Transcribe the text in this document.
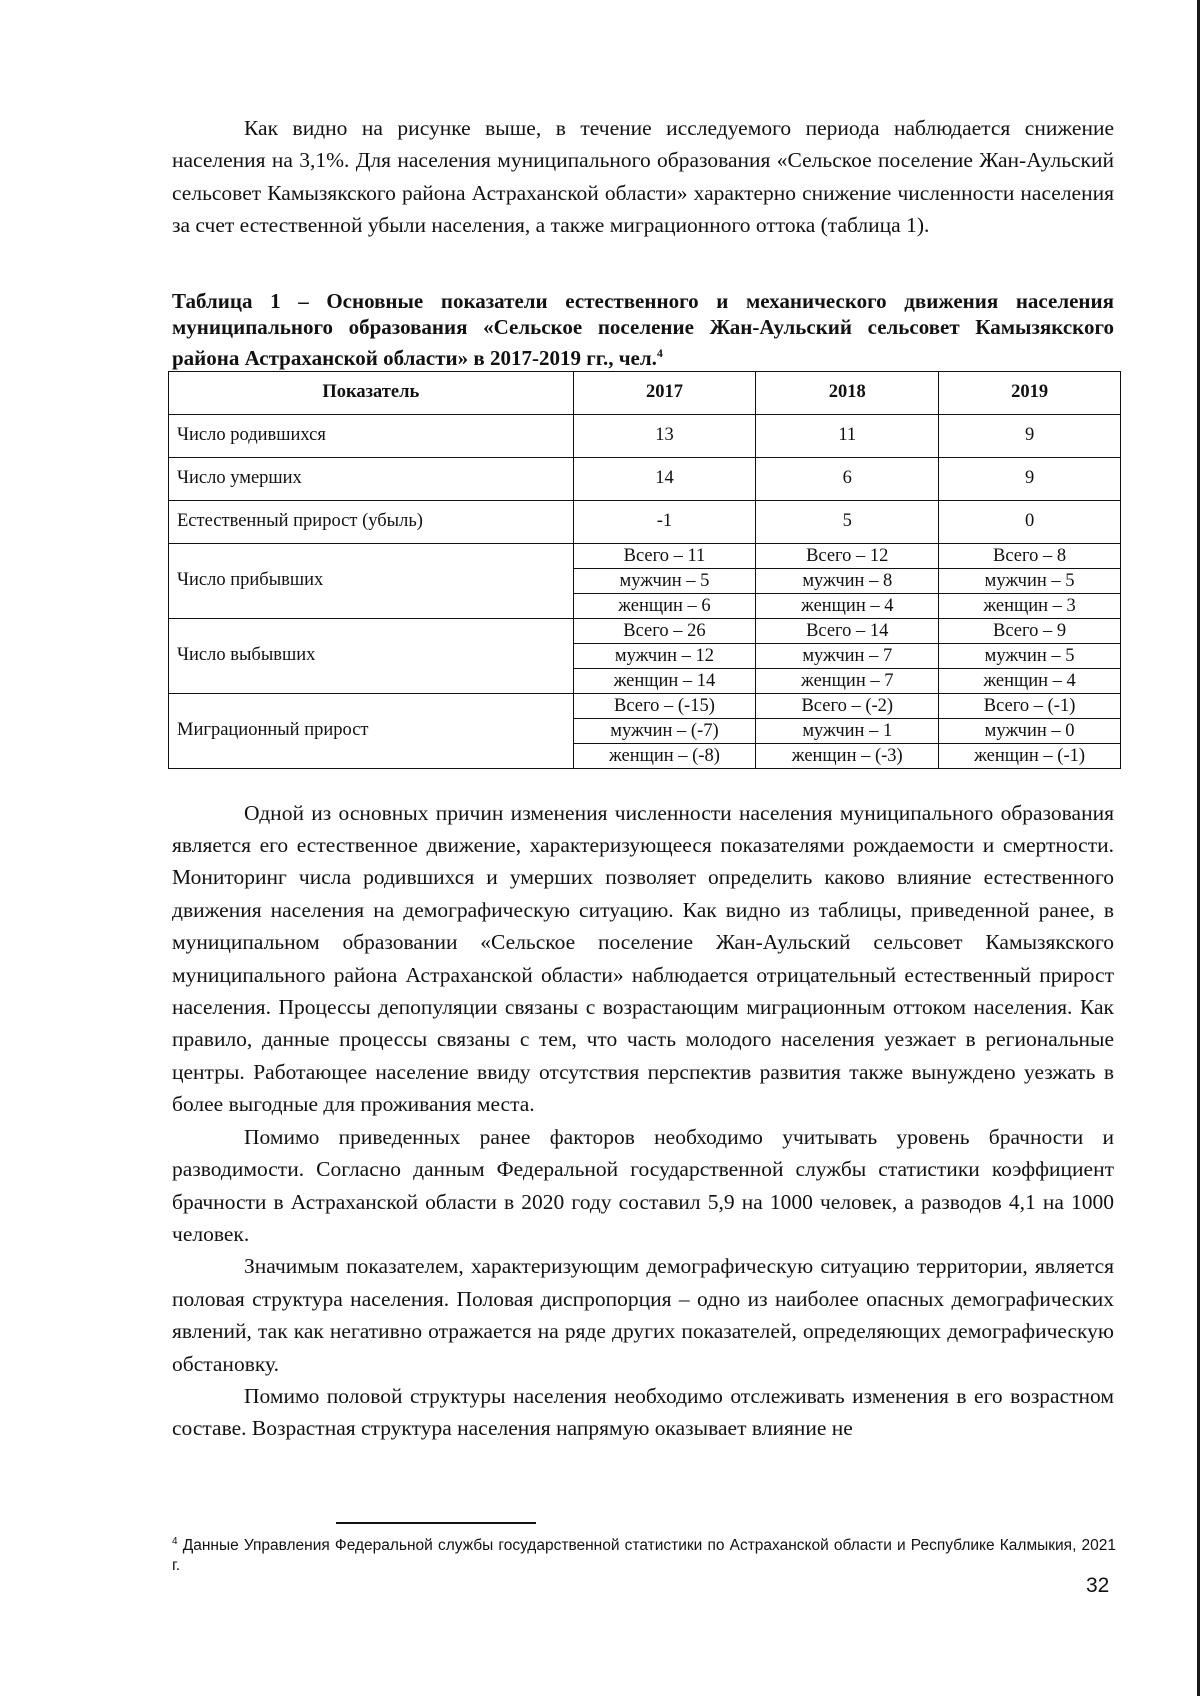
Как видно на рисунке выше, в течение исследуемого периода наблюдается снижение населения на 3,1%. Для населения муниципального образования «Сельское поселение Жан-Аульский сельсовет Камызякского района Астраханской области» характерно снижение численности населения за счет естественной убыли населения, а также миграционного оттока (таблица 1).

Таблица 1 – Основные показатели естественного и механического движения населения муниципального образования «Сельское поселение Жан-Аульский сельсовет Камызякского района Астраханской области» в 2017-2019 гг., чел.$^4$
Показатель	2017	2018	2019
Число родившихся	13	11	9
Число умерших	14	6	9
Естественный прирост (убыль)	-1	5	0
Число прибывших	Всего – 11	Всего – 12	Всего – 8
	мужчин – 5	мужчин – 8	мужчин – 5
	женщин – 6	женщин – 4	женщин – 3
Число выбывших	Всего – 26	Всего – 14	Всего – 9
	мужчин – 12	мужчин – 7	мужчин – 5
	женщин – 14	женщин – 7	женщин – 4
Миграционный прирост	Всего – (-15)	Всего – (-2)	Всего – (-1)
	мужчин – (-7)	мужчин – 1	мужчин – 0
	женщин – (-8)	женщин – (-3)	женщин – (-1)

Одной из основных причин изменения численности населения муниципального образования является его естественное движение, характеризующееся показателями рождаемости и смертности. Мониторинг числа родившихся и умерших позволяет определить каково влияние естественного движения населения на демографическую ситуацию. Как видно из таблицы, приведенной ранее, в муниципальном образовании «Сельское поселение Жан-Аульский сельсовет Камызякского муниципального района Астраханской области» наблюдается отрицательный естественный прирост населения. Процессы депопуляции связаны с возрастающим миграционным оттоком населения. Как правило, данные процессы связаны с тем, что часть молодого населения уезжает в региональные центры. Работающее население ввиду отсутствия перспектив развития также вынуждено уезжать в более выгодные для проживания места.

Помимо приведенных ранее факторов необходимо учитывать уровень брачности и разводимости. Согласно данным Федеральной государственной службы статистики коэффициент брачности в Астраханской области в 2020 году составил 5,9 на 1000 человек, а разводов 4,1 на 1000 человек.

Значимым показателем, характеризующим демографическую ситуацию территории, является половая структура населения. Половая диспропорция – одно из наиболее опасных демографических явлений, так как негативно отражается на ряде других показателей, определяющих демографическую обстановку.

Помимо половой структуры населения необходимо отслеживать изменения в его возрастном составе. Возрастная структура населения напрямую оказывает влияние не

$^4$ Данные Управления Федеральной службы государственной статистики по Астраханской области и Республике Калмыкия, 2021 г.
32
